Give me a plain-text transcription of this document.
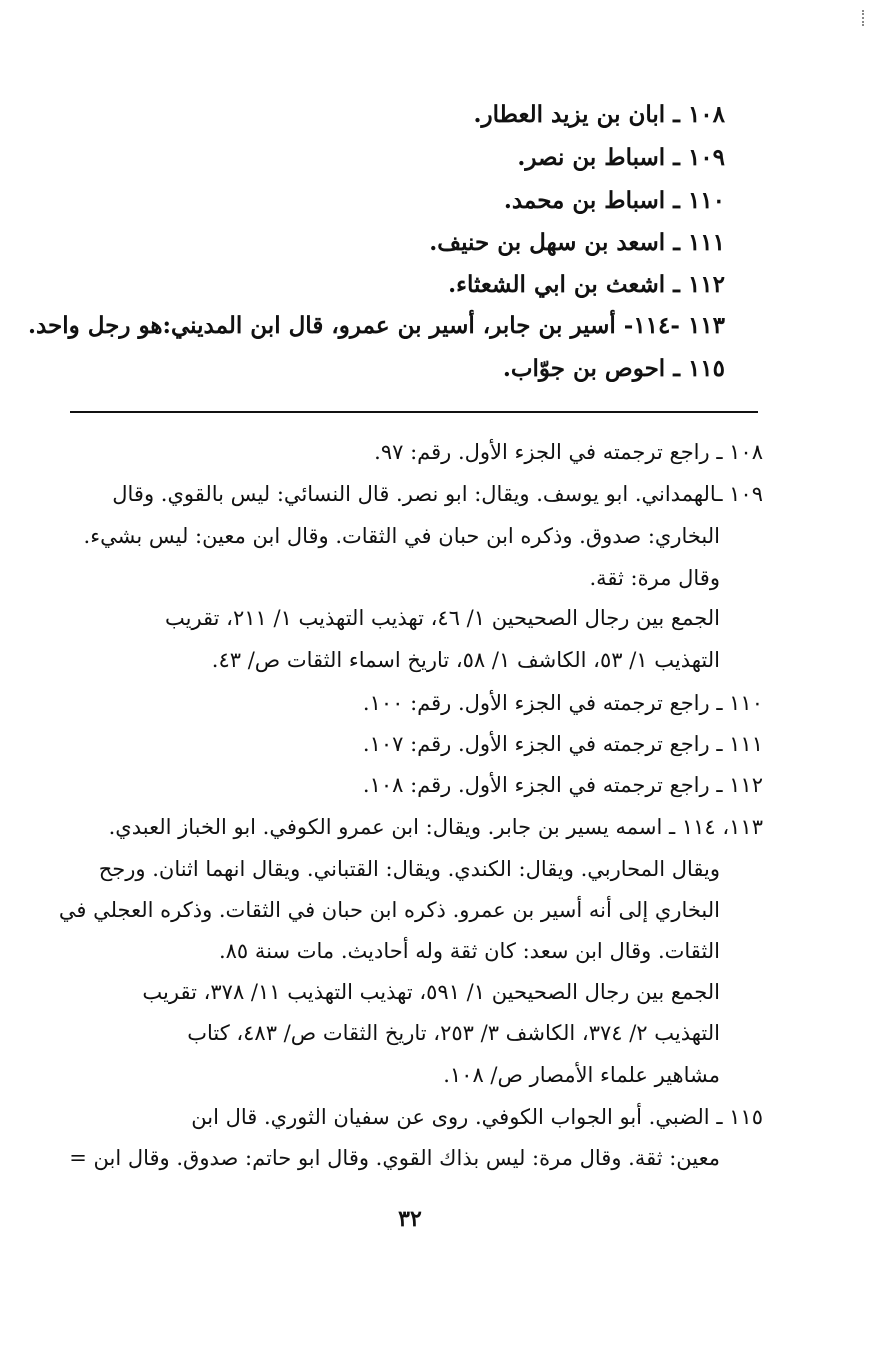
١٠٨ ـ ابان بن يزيد العطار.
١٠٩ ـ اسباط بن نصر.
١١٠ ـ اسباط بن محمد.
١١١ ـ اسعد بن سهل بن حنيف.
١١٢ ـ اشعث بن ابي الشعثاء.
١١٣ -١١٤- أسير بن جابر، أسير بن عمرو، قال ابن المديني:هو رجل واحد.
١١٥ ـ احوص بن جوّاب.
١٠٨ ـ راجع ترجمته في الجزء الأول. رقم: ٩٧.
١٠٩ ـالهمداني. ابو يوسف. ويقال: ابو نصر. قال النسائي: ليس بالقوي. وقال
البخاري: صدوق. وذكره ابن حبان في الثقات. وقال ابن معين: ليس بشيء.
وقال مرة: ثقة.
الجمع بين رجال الصحيحين ١/ ٤٦، تهذيب التهذيب ١/ ٢١١، تقريب
التهذيب ١/ ٥٣، الكاشف ١/ ٥٨، تاريخ اسماء الثقات ص/ ٤٣.
١١٠ ـ راجع ترجمته في الجزء الأول. رقم: ١٠٠.
١١١ ـ راجع ترجمته في الجزء الأول. رقم: ١٠٧.
١١٢ ـ راجع ترجمته في الجزء الأول. رقم: ١٠٨.
١١٣، ١١٤ ـ اسمه يسير بن جابر. ويقال: ابن عمرو الكوفي. ابو الخباز العبدي.
ويقال المحاربي. ويقال: الكندي. ويقال: القتباني. ويقال انهما اثنان. ورجح
البخاري إلى أنه أسير بن عمرو. ذكره ابن حبان في الثقات. وذكره العجلي في
الثقات. وقال ابن سعد: كان ثقة وله أحاديث. مات سنة ٨٥.
الجمع بين رجال الصحيحين ١/ ٥٩١، تهذيب التهذيب ١١/ ٣٧٨، تقريب
التهذيب ٢/ ٣٧٤، الكاشف ٣/ ٢٥٣، تاريخ الثقات ص/ ٤٨٣، كتاب
مشاهير علماء الأمصار ص/ ١٠٨.
١١٥ ـ الضبي. أبو الجواب الكوفي. روى عن سفيان الثوري. قال ابن
معين: ثقة. وقال مرة: ليس بذاك القوي. وقال ابو حاتم: صدوق. وقال ابن =
٣٢
